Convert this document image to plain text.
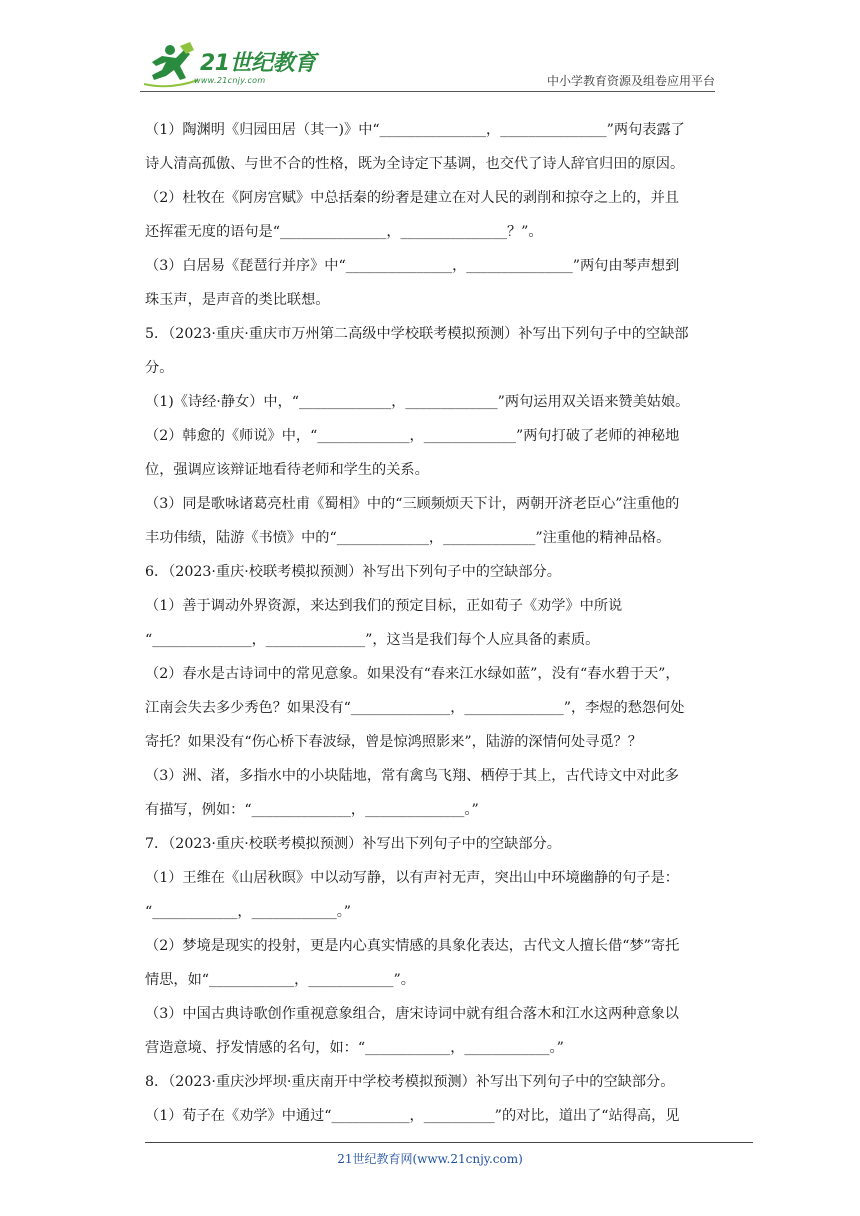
21世纪教育
www.21cnjy.com	中小学教育资源及组卷应用平台

（1）陶渊明《归园田居（其一)》中“_______________，_______________”两句表露了

诗人清高孤傲、与世不合的性格，既为全诗定下基调，也交代了诗人辞官归田的原因。

（2）杜牧在《阿房宫赋》中总括秦的纷奢是建立在对人民的剥削和掠夺之上的，并且

还挥霍无度的语句是“_______________，_______________？”。

（3）白居易《琵琶行并序》中“_______________，_______________”两句由琴声想到

珠玉声，是声音的类比联想。

5．（2023·重庆·重庆市万州第二高级中学校联考模拟预测）补写出下列句子中的空缺部

分。

（1)《诗经·静女）中，“_____________，_____________”两句运用双关语来赞美姑娘。

（2）韩愈的《师说》中，“_____________，_____________”两句打破了老师的神秘地

位，强调应该辩证地看待老师和学生的关系。

（3）同是歌咏诸葛亮杜甫《蜀相》中的“三顾频烦天下计，两朝开济老臣心”注重他的

丰功伟绩，陆游《书愤》中的“_____________，_____________”注重他的精神品格。

6．（2023·重庆·校联考模拟预测）补写出下列句子中的空缺部分。

（1）善于调动外界资源，来达到我们的预定目标，正如荀子《劝学》中所说

“______________，______________”，这当是我们每个人应具备的素质。

（2）春水是古诗词中的常见意象。如果没有“春来江水绿如蓝”，没有“春水碧于天”，

江南会失去多少秀色？如果没有“______________，______________”，李煜的愁怨何处

寄托？如果没有“伤心桥下春波绿，曾是惊鸿照影来”，陆游的深情何处寻觅？？

（3）洲、渚，多指水中的小块陆地，常有禽鸟飞翔、栖停于其上，古代诗文中对此多

有描写，例如：“______________，______________。”

7．（2023·重庆·校联考模拟预测）补写出下列句子中的空缺部分。

（1）王维在《山居秋暝》中以动写静，以有声衬无声，突出山中环境幽静的句子是：

“____________，____________。”

（2）梦境是现实的投射，更是内心真实情感的具象化表达，古代文人擅长借“梦”寄托

情思，如“____________，____________”。

（3）中国古典诗歌创作重视意象组合，唐宋诗词中就有组合落木和江水这两种意象以

营造意境、抒发情感的名句，如：“____________，____________。”

8．（2023·重庆沙坪坝·重庆南开中学校考模拟预测）补写出下列句子中的空缺部分。

（1）荀子在《劝学》中通过“___________，__________”的对比，道出了“站得高，见

21世纪教育网(www.21cnjy.com)
